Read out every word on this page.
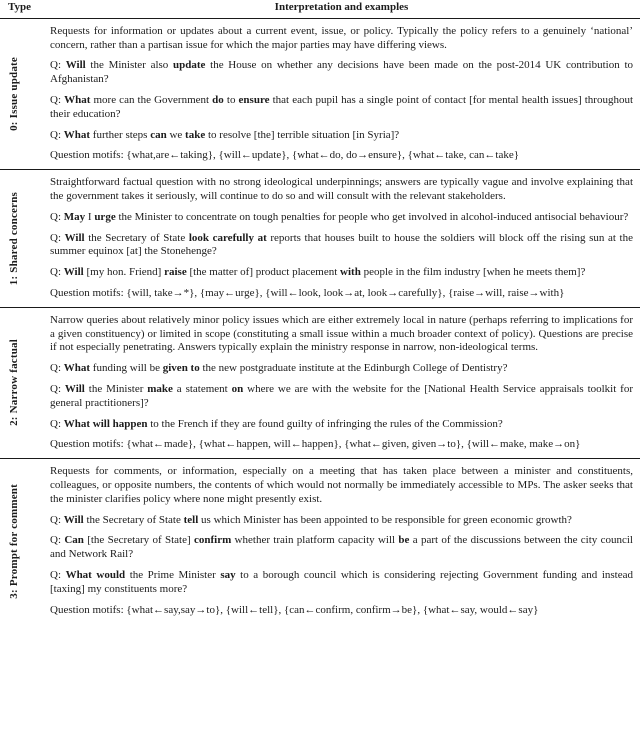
Type	Interpretation and examples
0: Issue update

Requests for information or updates about a current event, issue, or policy. Typically the policy refers to a genuinely ‘national’ concern, rather than a partisan issue for which the major parties may have differing views.

Q: Will the Minister also update the House on whether any decisions have been made on the post-2014 UK contribution to Afghanistan?

Q: What more can the Government do to ensure that each pupil has a single point of contact [for mental health issues] throughout their education?

Q: What further steps can we take to resolve [the] terrible situation [in Syria]?

Question motifs: {what,are←taking}, {will←update}, {what←do, do→ensure}, {what←take, can←take}

1: Shared concerns

Straightforward factual question with no strong ideological underpinnings; answers are typically vague and involve explaining that the government takes it seriously, will continue to do so and will consult with the relevant stakeholders.

Q: May I urge the Minister to concentrate on tough penalties for people who get involved in alcohol-induced antisocial behaviour?

Q: Will the Secretary of State look carefully at reports that houses built to house the soldiers will block off the rising sun at the summer equinox [at] the Stonehenge?

Q: Will [my hon. Friend] raise [the matter of] product placement with people in the film industry [when he meets them]?

Question motifs: {will, take→*}, {may←urge}, {will←look, look→at, look→carefully}, {raise→will, raise→with}

2: Narrow factual

Narrow queries about relatively minor policy issues which are either extremely local in nature (perhaps referring to implications for a given constituency) or limited in scope (constituting a small issue within a much broader context of policy). Questions are precise if not especially penetrating. Answers typically explain the ministry response in narrow, non-ideological terms.

Q: What funding will be given to the new postgraduate institute at the Edinburgh College of Dentistry?

Q: Will the Minister make a statement on where we are with the website for the [National Health Service appraisals toolkit for general practitioners]?

Q: What will happen to the French if they are found guilty of infringing the rules of the Commission?

Question motifs: {what←made}, {what←happen, will←happen}, {what←given, given→to}, {will←make, make→on}

3: Prompt for comment

Requests for comments, or information, especially on a meeting that has taken place between a minister and constituents, colleagues, or opposite numbers, the contents of which would not normally be immediately accessible to MPs. The asker seeks that the minister clarifies policy where none might presently exist.

Q: Will the Secretary of State tell us which Minister has been appointed to be responsible for green economic growth?

Q: Can [the Secretary of State] confirm whether train platform capacity will be a part of the discussions between the city council and Network Rail?

Q: What would the Prime Minister say to a borough council which is considering rejecting Government funding and instead [taxing] my constituents more?

Question motifs: {what←say,say→to}, {will←tell}, {can←confirm, confirm→be}, {what←say, would←say}
